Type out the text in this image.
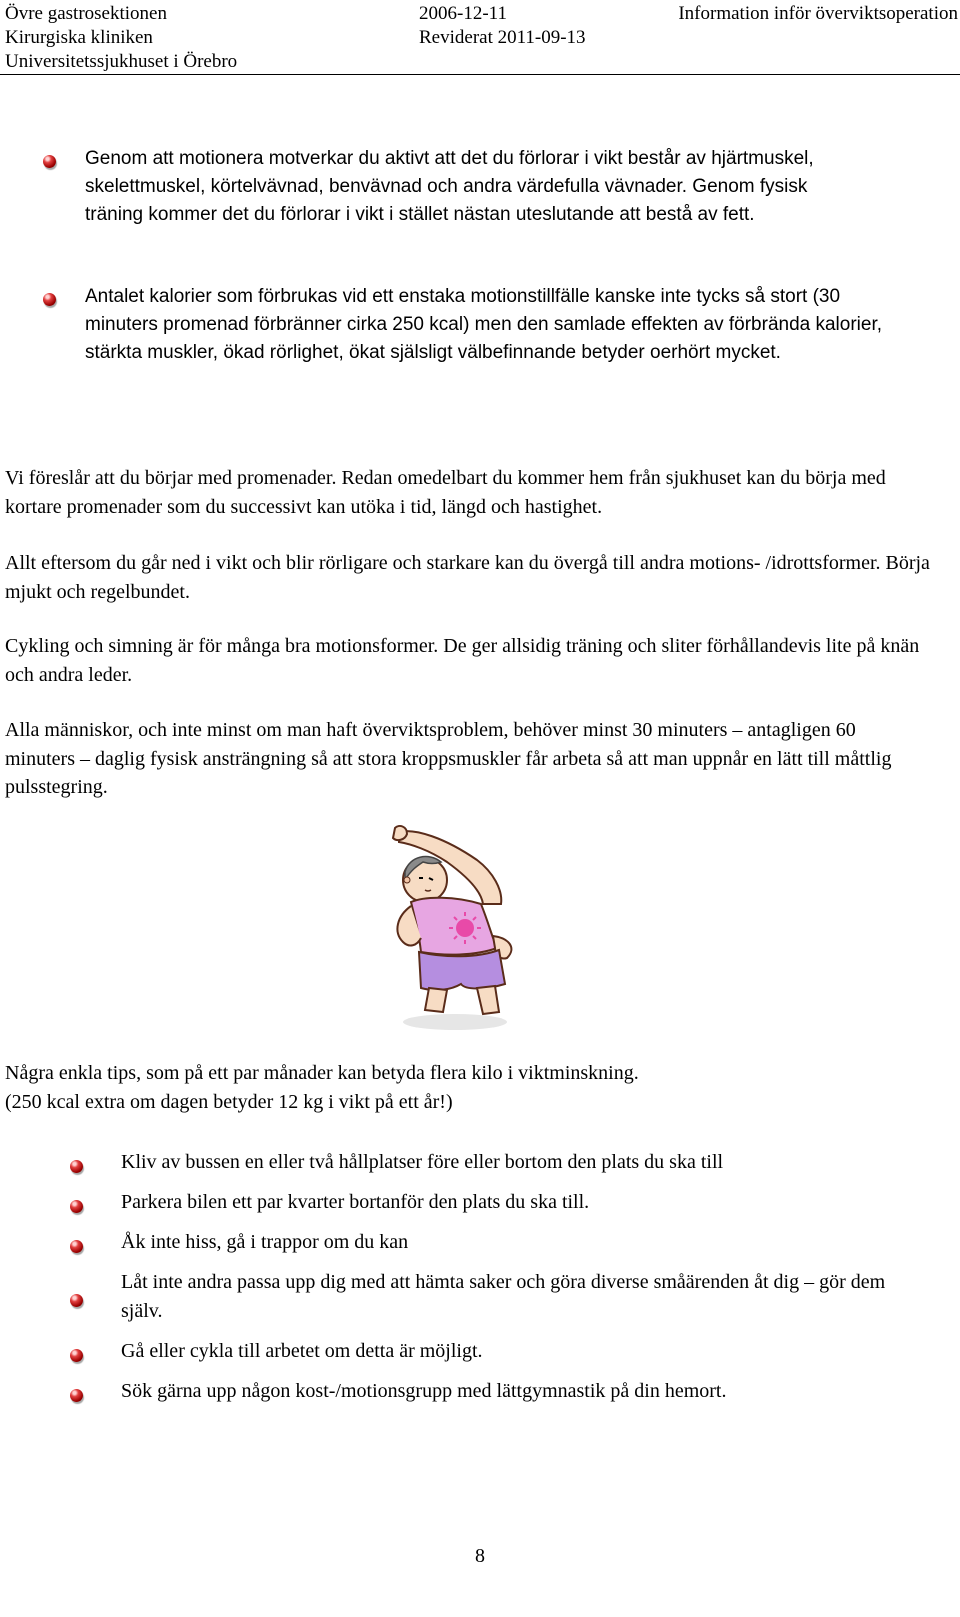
Övre gastrosektionen
Kirurgiska kliniken
Universitetssjukhuset i Örebro
2006-12-11
Reviderat 2011-09-13
Information inför överviktsoperation

Genom att motionera motverkar du aktivt att det du förlorar i vikt består av hjärtmuskel, skelettmuskel, körtelvävnad, benvävnad och andra värdefulla vävnader. Genom fysisk träning kommer det du förlorar i vikt i stället nästan uteslutande att bestå av fett.

Antalet kalorier som förbrukas vid ett enstaka motionstillfälle kanske inte tycks så stort (30 minuters promenad förbränner cirka 250 kcal) men den samlade effekten av förbrända kalorier, stärkta muskler, ökad rörlighet, ökat själsligt välbefinnande betyder oerhört mycket.

Vi föreslår att du börjar med promenader. Redan omedelbart du kommer hem från sjukhuset kan du börja med kortare promenader som du successivt kan utöka i tid, längd och hastighet.

Allt eftersom du går ned i vikt och blir rörligare och starkare kan du övergå till andra motions- /idrottsformer. Börja mjukt och regelbundet.

Cykling och simning är för många bra motionsformer. De ger allsidig träning och sliter förhållandevis lite på knän och andra leder.

Alla människor, och inte minst om man haft överviktsproblem, behöver minst 30 minuters – antagligen 60 minuters – daglig fysisk ansträngning så att stora kroppsmuskler får arbeta så att man uppnår en lätt till måttlig pulsstegring.

Några enkla tips, som på ett par månader kan betyda flera kilo i viktminskning.
(250 kcal extra om dagen betyder 12 kg i vikt på ett år!)
Kliv av bussen en eller två hållplatser före eller bortom den plats du ska till
Parkera bilen ett par kvarter bortanför den plats du ska till.
Åk inte hiss, gå i trappor om du kan
Låt inte andra passa upp dig med att hämta saker och göra diverse småärenden åt dig – gör dem själv.
Gå eller cykla till arbetet om detta är möjligt.
Sök gärna upp någon kost-/motionsgrupp med lättgymnastik på din hemort.
8
